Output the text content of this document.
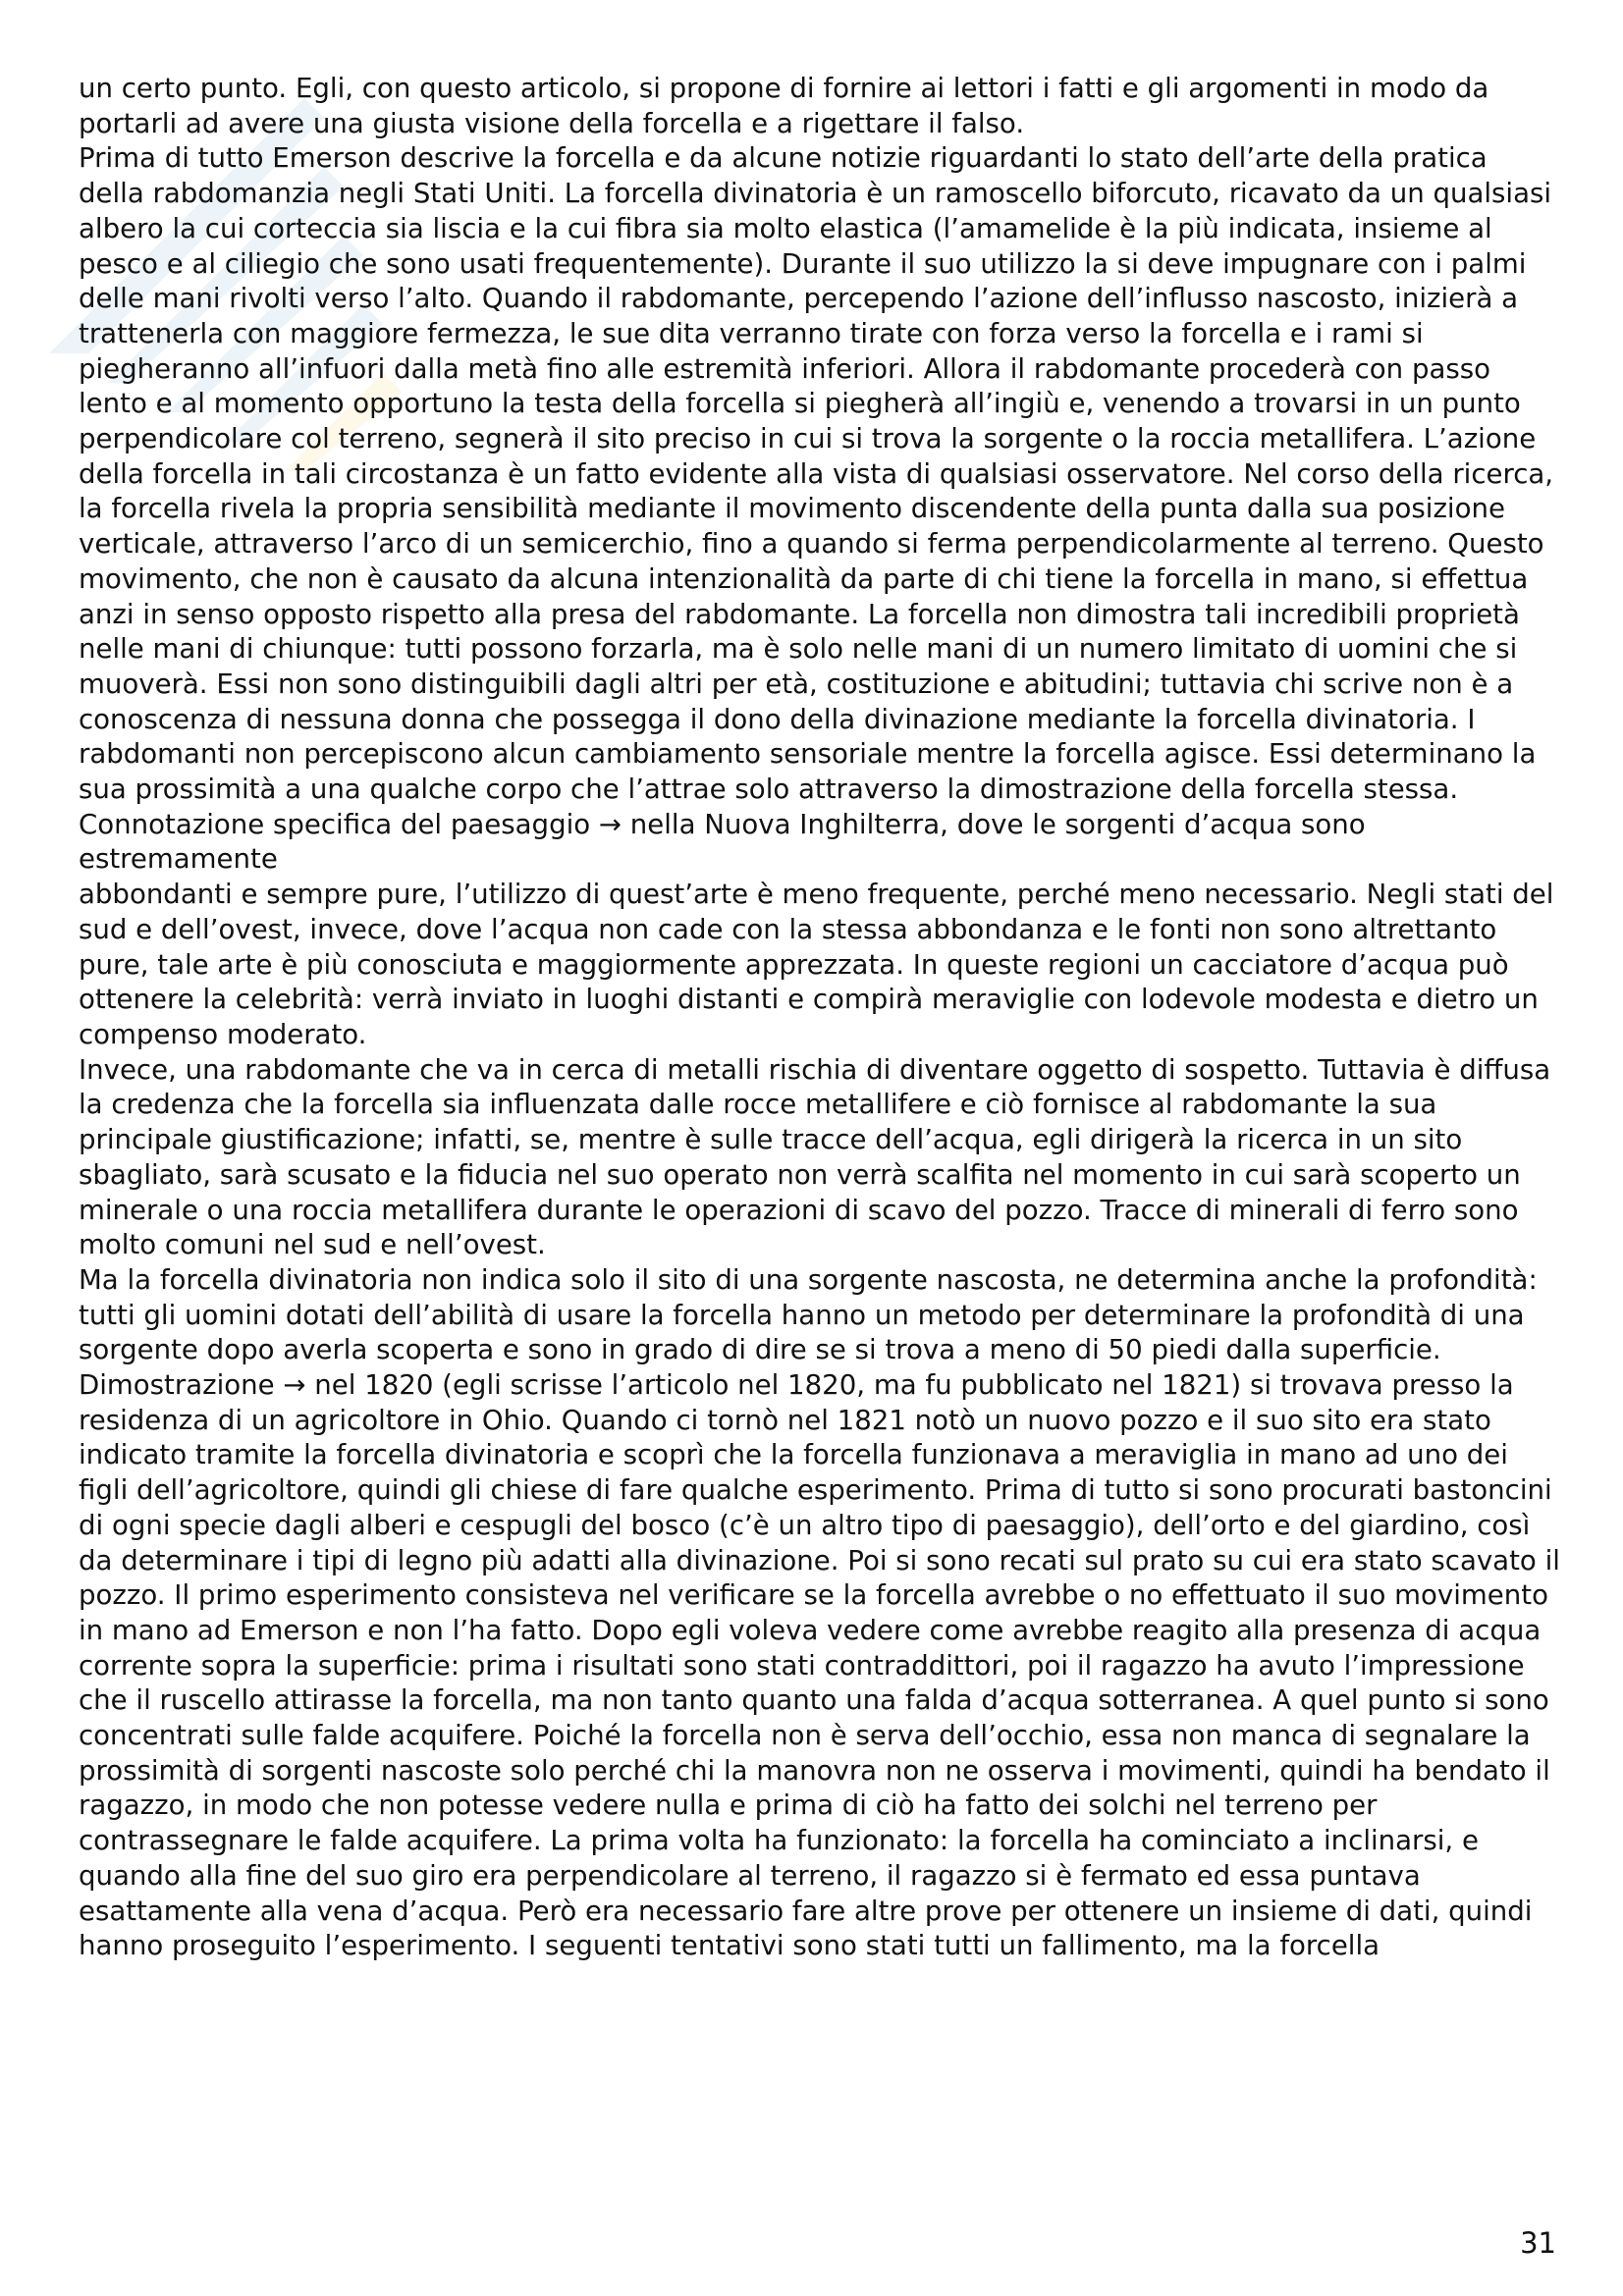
un certo punto. Egli, con questo articolo, si propone di fornire ai lettori i fatti e gli argomenti in modo da portarli ad avere una giusta visione della forcella e a rigettare il falso.

Prima di tutto Emerson descrive la forcella e da alcune notizie riguardanti lo stato dell’arte della pratica della rabdomanzia negli Stati Uniti. La forcella divinatoria è un ramoscello biforcuto, ricavato da un qualsiasi albero la cui corteccia sia liscia e la cui fibra sia molto elastica (l’amamelide è la più indicata, insieme al pesco e al ciliegio che sono usati frequentemente). Durante il suo utilizzo la si deve impugnare con i palmi delle mani rivolti verso l’alto. Quando il rabdomante, percependo l’azione dell’influsso nascosto, inizierà a trattenerla con maggiore fermezza, le sue dita verranno tirate con forza verso la forcella e i rami si piegheranno all’infuori dalla metà fino alle estremità inferiori. Allora il rabdomante procederà con passo lento e al momento opportuno la testa della forcella si piegherà all’ingiù e, venendo a trovarsi in un punto perpendicolare col terreno, segnerà il sito preciso in cui si trova la sorgente o la roccia metallifera. L’azione della forcella in tali circostanza è un fatto evidente alla vista di qualsiasi osservatore. Nel corso della ricerca, la forcella rivela la propria sensibilità mediante il movimento discendente della punta dalla sua posizione verticale, attraverso l’arco di un semicerchio, fino a quando si ferma perpendicolarmente al terreno. Questo movimento, che non è causato da alcuna intenzionalità da parte di chi tiene la forcella in mano, si effettua anzi in senso opposto rispetto alla presa del rabdomante. La forcella non dimostra tali incredibili proprietà nelle mani di chiunque: tutti possono forzarla, ma è solo nelle mani di un numero limitato di uomini che si muoverà. Essi non sono distinguibili dagli altri per età, costituzione e abitudini; tuttavia chi scrive non è a conoscenza di nessuna donna che possegga il dono della divinazione mediante la forcella divinatoria. I rabdomanti non percepiscono alcun cambiamento sensoriale mentre la forcella agisce. Essi determinano la sua prossimità a una qualche corpo che l’attrae solo attraverso la dimostrazione della forcella stessa.

Connotazione specifica del paesaggio → nella Nuova Inghilterra, dove le sorgenti d’acqua sono estremamente

abbondanti e sempre pure, l’utilizzo di quest’arte è meno frequente, perché meno necessario. Negli stati del sud e dell’ovest, invece, dove l’acqua non cade con la stessa abbondanza e le fonti non sono altrettanto pure, tale arte è più conosciuta e maggiormente apprezzata. In queste regioni un cacciatore d’acqua può ottenere la celebrità: verrà inviato in luoghi distanti e compirà meraviglie con lodevole modesta e dietro un compenso moderato.

Invece, una rabdomante che va in cerca di metalli rischia di diventare oggetto di sospetto. Tuttavia è diffusa la credenza che la forcella sia influenzata dalle rocce metallifere e ciò fornisce al rabdomante la sua principale giustificazione; infatti, se, mentre è sulle tracce dell’acqua, egli dirigerà la ricerca in un sito sbagliato, sarà scusato e la fiducia nel suo operato non verrà scalfita nel momento in cui sarà scoperto un minerale o una roccia metallifera durante le operazioni di scavo del pozzo. Tracce di minerali di ferro sono molto comuni nel sud e nell’ovest.

Ma la forcella divinatoria non indica solo il sito di una sorgente nascosta, ne determina anche la profondità: tutti gli uomini dotati dell’abilità di usare la forcella hanno un metodo per determinare la profondità di una sorgente dopo averla scoperta e sono in grado di dire se si trova a meno di 50 piedi dalla superficie.

Dimostrazione → nel 1820 (egli scrisse l’articolo nel 1820, ma fu pubblicato nel 1821) si trovava presso la residenza di un agricoltore in Ohio. Quando ci tornò nel 1821 notò un nuovo pozzo e il suo sito era stato indicato tramite la forcella divinatoria e scoprì che la forcella funzionava a meraviglia in mano ad uno dei figli dell’agricoltore, quindi gli chiese di fare qualche esperimento. Prima di tutto si sono procurati bastoncini di ogni specie dagli alberi e cespugli del bosco (c’è un altro tipo di paesaggio), dell’orto e del giardino, così da determinare i tipi di legno più adatti alla divinazione. Poi si sono recati sul prato su cui era stato scavato il pozzo. Il primo esperimento consisteva nel verificare se la forcella avrebbe o no effettuato il suo movimento in mano ad Emerson e non l’ha fatto. Dopo egli voleva vedere come avrebbe reagito alla presenza di acqua corrente sopra la superficie: prima i risultati sono stati contraddittori, poi il ragazzo ha avuto l’impressione che il ruscello attirasse la forcella, ma non tanto quanto una falda d’acqua sotterranea. A quel punto si sono concentrati sulle falde acquifere. Poiché la forcella non è serva dell’occhio, essa non manca di segnalare la prossimità di sorgenti nascoste solo perché chi la manovra non ne osserva i movimenti, quindi ha bendato il ragazzo, in modo che non potesse vedere nulla e prima di ciò ha fatto dei solchi nel terreno per contrassegnare le falde acquifere. La prima volta ha funzionato: la forcella ha cominciato a inclinarsi, e quando alla fine del suo giro era perpendicolare al terreno, il ragazzo si è fermato ed essa puntava esattamente alla vena d’acqua. Però era necessario fare altre prove per ottenere un insieme di dati, quindi hanno proseguito l’esperimento. I seguenti tentativi sono stati tutti un fallimento, ma la forcella

31
